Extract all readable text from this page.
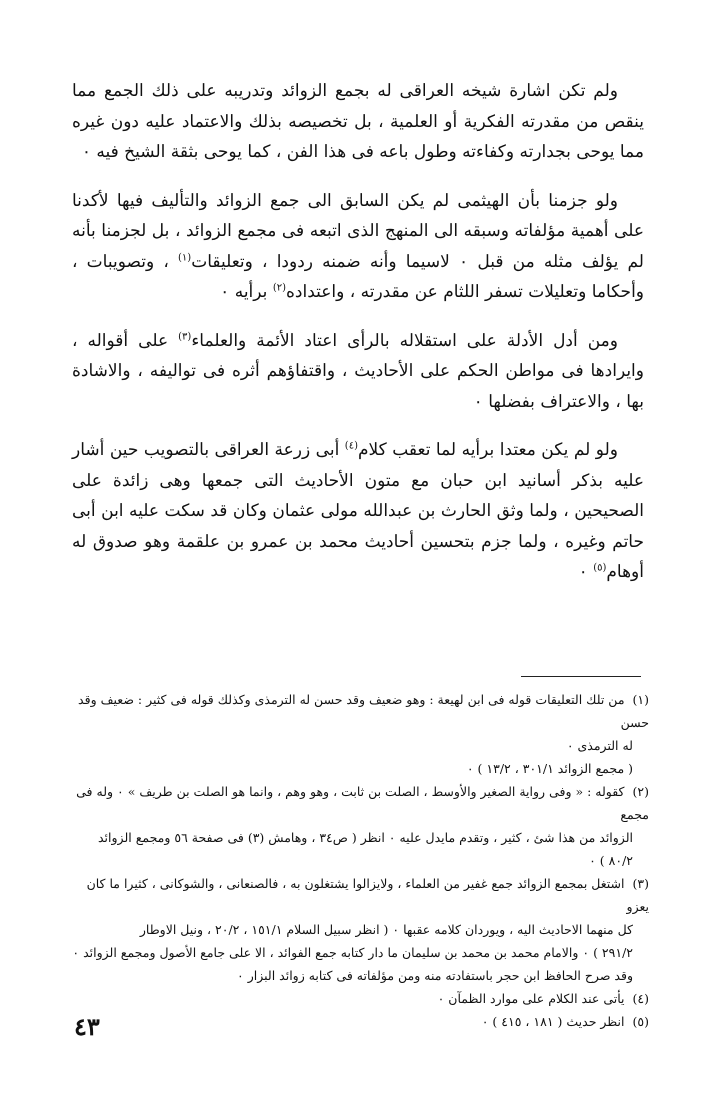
ولم تكن اشارة شيخه العراقى له بجمع الزوائد وتدريبه على ذلك الجمع مما ينقص من مقدرته الفكرية أو العلمية ، بل تخصيصه بذلك والاعتماد عليه دون غيره مما يوحى بجدارته وكفاءته وطول باعه فى هذا الفن ، كما يوحى بثقة الشيخ فيه ٠

ولو جزمنا بأن الهيثمى لم يكن السابق الى جمع الزوائد والتأليف فيها لأكدنا على أهمية مؤلفاته وسبقه الى المنهج الذى اتبعه فى مجمع الزوائد ، بل لجزمنا بأنه لم يؤلف مثله من قبل ٠ لاسيما وأنه ضمنه ردودا ، وتعليقات$^{(١)}$ ، وتصويبات ، وأحكاما وتعليلات تسفر اللثام عن مقدرته ، واعتداده$^{(٢)}$ برأيه ٠

ومن أدل الأدلة على استقلاله بالرأى اعتاد الأئمة والعلماء$^{(٣)}$ على أقواله ، وايرادها فى مواطن الحكم على الأحاديث ، واقتفاؤهم أثره فى تواليفه ، والاشادة بها ، والاعتراف بفضلها ٠

ولو لم يكن معتدا برأيه لما تعقب كلام$^{(٤)}$ أبى زرعة العراقى بالتصويب حين أشار عليه بذكر أسانيد ابن حبان مع متون الأحاديث التى جمعها وهى زائدة على الصحيحين ، ولما وثق الحارث بن عبدالله مولى عثمان وكان قد سكت عليه ابن أبى حاتم وغيره ، ولما جزم بتحسين أحاديث محمد بن عمرو بن علقمة وهو صدوق له أوهام$^{(٥)}$ ٠

(١) من تلك التعليقات قوله فى ابن لهيعة : وهو ضعيف وقد حسن له الترمذى وكذلك قوله فى كثير : ضعيف وقد حسن
له الترمذى ٠
( مجمع الزوائد ٣٠١/١ ، ١٣/٢ ) ٠

(٢) كقوله : « وفى رواية الصغير والأوسط ، الصلت بن ثابت ، وهو وهم ، وانما هو الصلت بن طريف » ٠ وله فى مجمع
الزوائد من هذا شئ ، كثير ، وتقدم مايدل عليه ٠ انظر ( ص٣٤ ، وهامش (٣) فى صفحة ٥٦ ومجمع الزوائد
٨٠/٢ ) ٠

(٣) اشتغل بمجمع الزوائد جمع غفير من العلماء ، ولايزالوا يشتغلون به ، فالصنعانى ، والشوكانى ، كثيرا ما كان يعزو
كل منهما الاحاديث اليه ، ويوردان كلامه عقبها ٠ ( انظر سبيل السلام ١٥١/١ ، ٢٠/٢ ، ونيل الاوطار
٢٩١/٢ ) ٠ والامام محمد بن محمد بن سليمان ما دار كتابه جمع الفوائد ، الا على جامع الأصول ومجمع الزوائد ٠
وقد صرح الحافظ ابن حجر باستفادته منه ومن مؤلفاته فى كتابه زوائد البزار ٠

(٤) يأتى عند الكلام على موارد الظمآن ٠

(٥) انظر حديث ( ١٨١ ، ٤١٥ ) ٠

٤٣
